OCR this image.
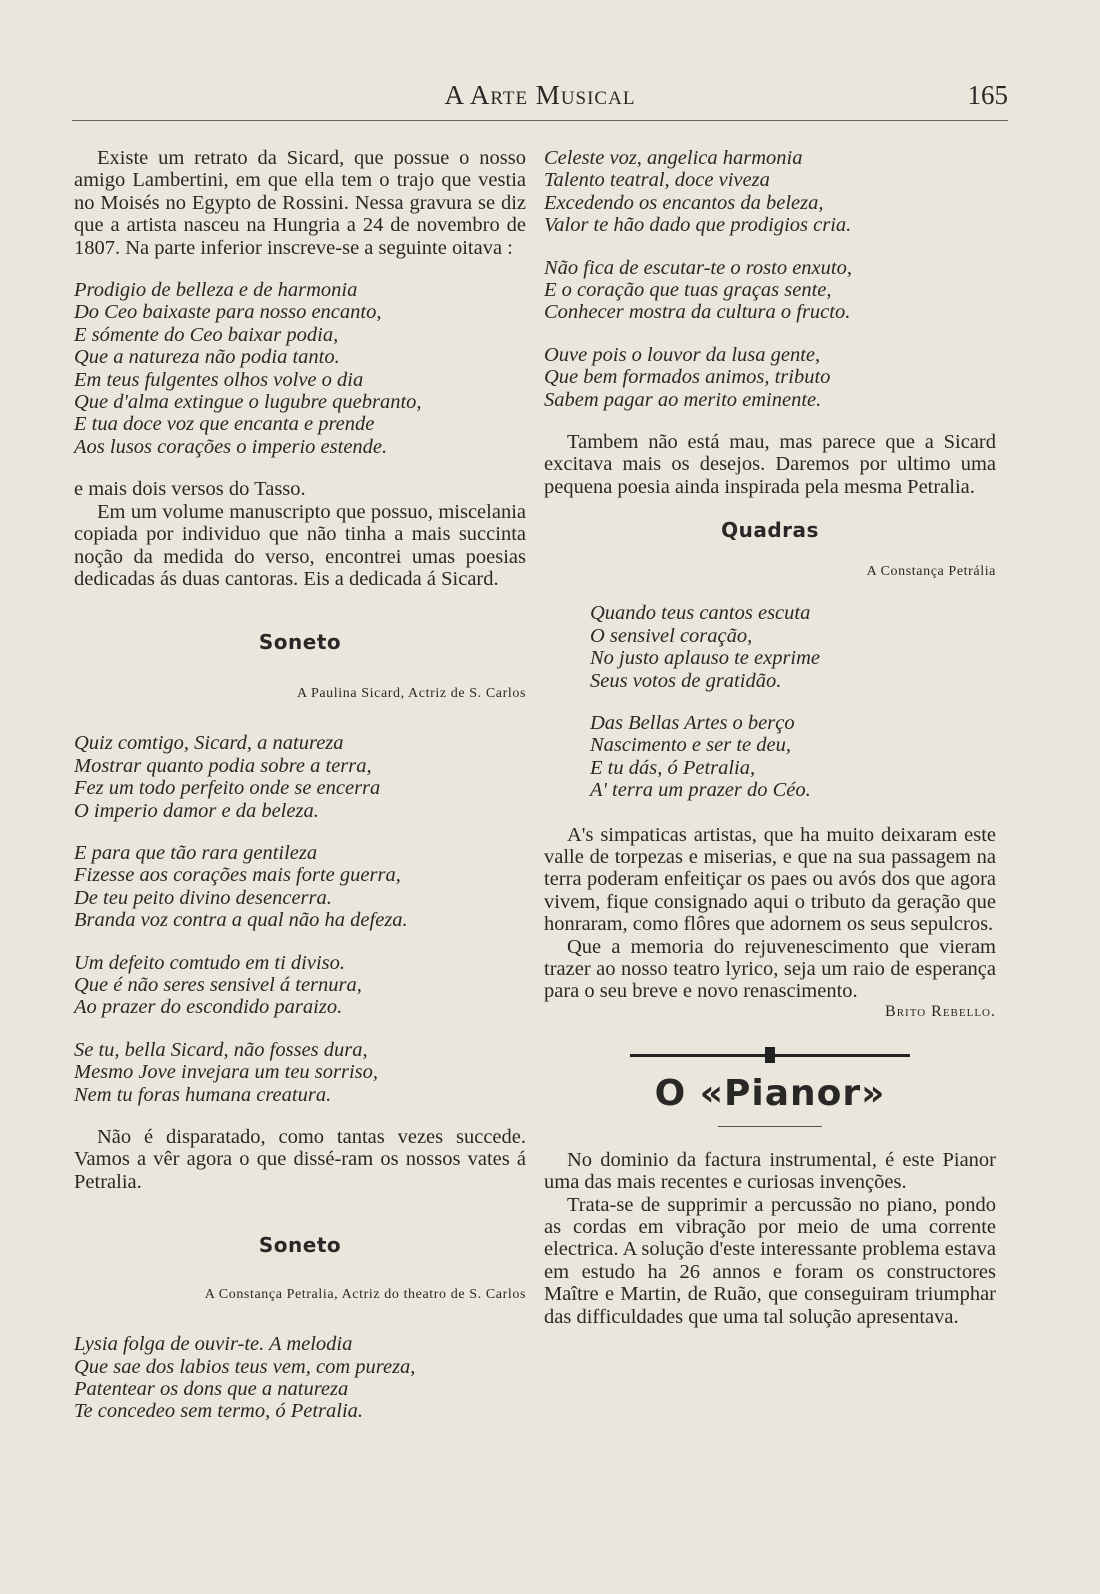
A Arte Musical	165

Existe um retrato da Sicard, que possue o nosso amigo Lambertini, em que ella tem o trajo que vestia no Moisés no Egypto de Rossini. Nessa gravura se diz que a artista nasceu na Hungria a 24 de novembro de 1807. Na parte inferior inscreve-se a seguinte oitava :

Prodigio de belleza e de harmonia
Do Ceo baixaste para nosso encanto,
E sómente do Ceo baixar podia,
Que a natureza não podia tanto.
Em teus fulgentes olhos volve o dia
Que d'alma extingue o lugubre quebranto,
E tua doce voz que encanta e prende
Aos lusos corações o imperio estende.

e mais dois versos do Tasso.

Em um volume manuscripto que possuo, miscelania copiada por individuo que não tinha a mais succinta noção da medida do verso, encontrei umas poesias dedicadas ás duas cantoras. Eis a dedicada á Sicard.

Soneto
A Paulina Sicard, Actriz de S. Carlos
Quiz comtigo, Sicard, a natureza
Mostrar quanto podia sobre a terra,
Fez um todo perfeito onde se encerra
O imperio damor e da beleza.
E para que tão rara gentileza
Fizesse aos corações mais forte guerra,
De teu peito divino desencerra.
Branda voz contra a qual não ha defeza.
Um defeito comtudo em ti diviso.
Que é não seres sensivel á ternura,
Ao prazer do escondido paraizo.
Se tu, bella Sicard, não fosses dura,
Mesmo Jove invejara um teu sorriso,
Nem tu foras humana creatura.

Não é disparatado, como tantas vezes succede. Vamos a vêr agora o que dissé-ram os nossos vates á Petralia.

Soneto
A Constança Petralia, Actriz do theatro de S. Carlos
Lysia folga de ouvir-te. A melodia
Que sae dos labios teus vem, com pureza,
Patentear os dons que a natureza
Te concedeo sem termo, ó Petralia.
Celeste voz, angelica harmonia
Talento teatral, doce viveza
Excedendo os encantos da beleza,
Valor te hão dado que prodigios cria.
Não fica de escutar-te o rosto enxuto,
E o coração que tuas graças sente,
Conhecer mostra da cultura o fructo.
Ouve pois o louvor da lusa gente,
Que bem formados animos, tributo
Sabem pagar ao merito eminente.

Tambem não está mau, mas parece que a Sicard excitava mais os desejos. Daremos por ultimo uma pequena poesia ainda inspirada pela mesma Petralia.

Quadras
A Constança Petrália
Quando teus cantos escuta
O sensivel coração,
No justo aplauso te exprime
Seus votos de gratidão.
Das Bellas Artes o berço
Nascimento e ser te deu,
E tu dás, ó Petralia,
A' terra um prazer do Céo.

A's simpaticas artistas, que ha muito deixaram este valle de torpezas e miserias, e que na sua passagem na terra poderam enfeitiçar os paes ou avós dos que agora vivem, fique consignado aqui o tributo da geração que honraram, como flôres que adornem os seus sepulcros.

Que a memoria do rejuvenescimento que vieram trazer ao nosso teatro lyrico, seja um raio de esperança para o seu breve e novo renascimento.

Brito Rebello.
O «Pianor»

No dominio da factura instrumental, é este Pianor uma das mais recentes e curiosas invenções.

Trata-se de supprimir a percussão no piano, pondo as cordas em vibração por meio de uma corrente electrica. A solução d'este interessante problema estava em estudo ha 26 annos e foram os constructores Maître e Martin, de Ruão, que conseguiram triumphar das difficuldades que uma tal solução apresentava.
